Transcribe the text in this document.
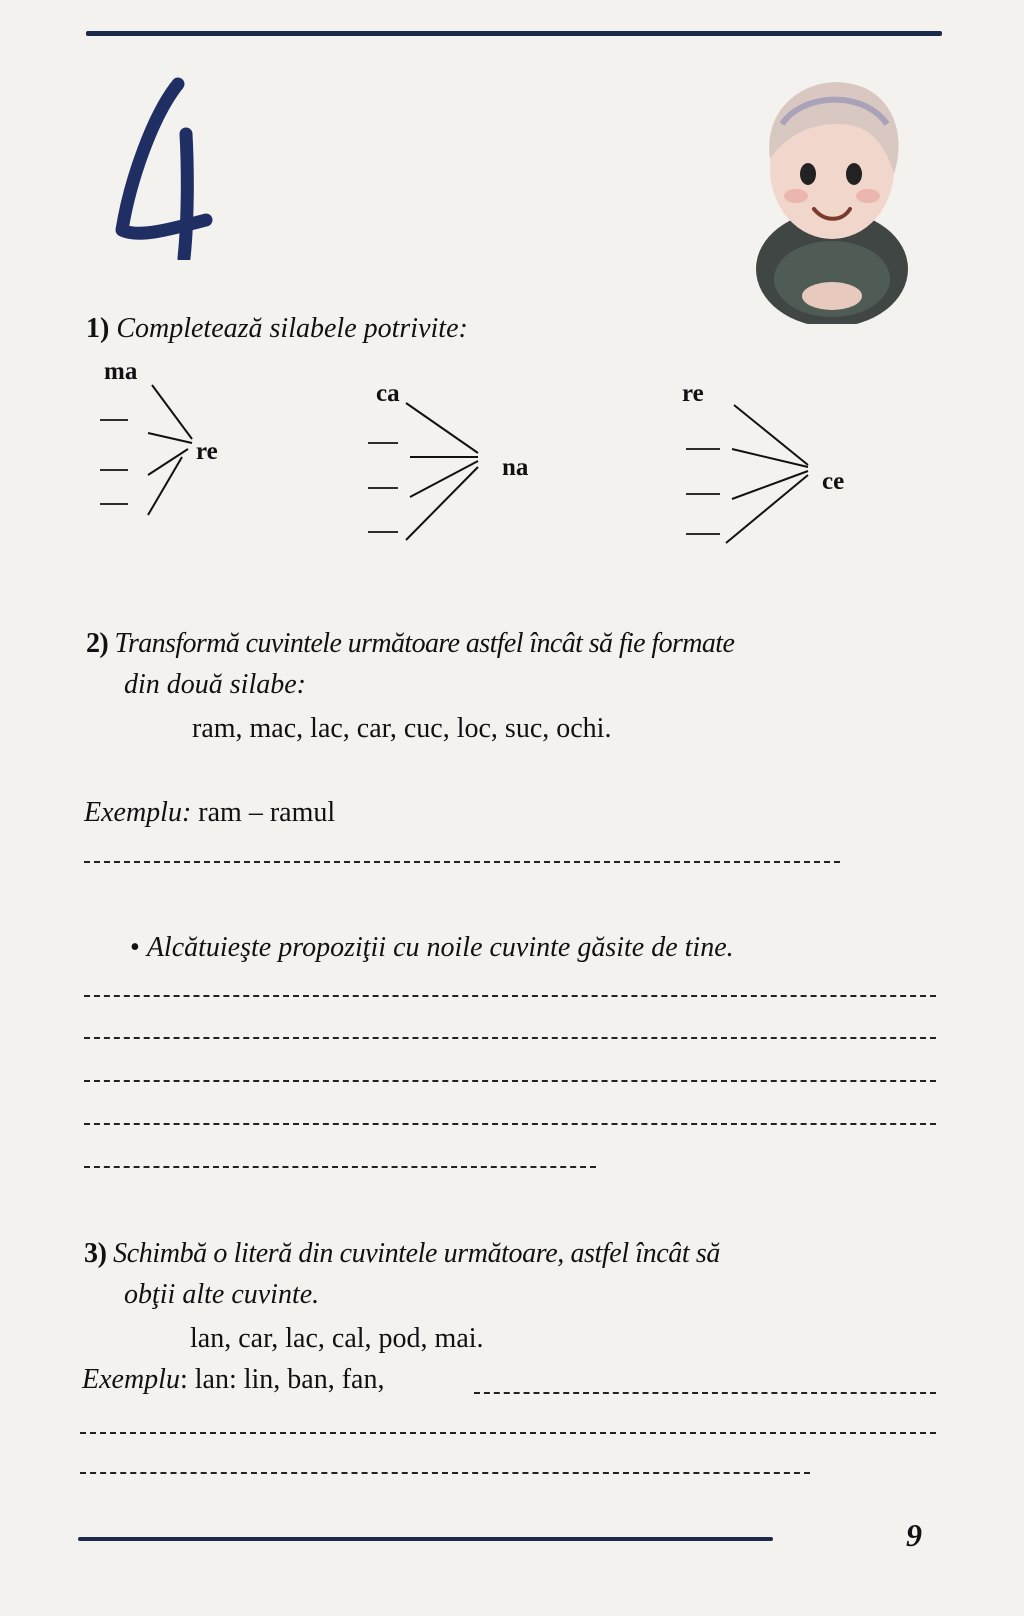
1) Completează silabele potrivite:
ma
re
ca
na
re
ce
2) Transformă cuvintele următoare astfel încât să fie formate
din două silabe:
ram, mac, lac, car, cuc, loc, suc, ochi.
Exemplu: ram – ramul
• Alcătuieşte propoziţii cu noile cuvinte găsite de tine.
3) Schimbă o literă din cuvintele următoare, astfel încât să
obţii alte cuvinte.
lan, car, lac, cal, pod, mai.
Exemplu: lan: lin, ban, fan,
9
